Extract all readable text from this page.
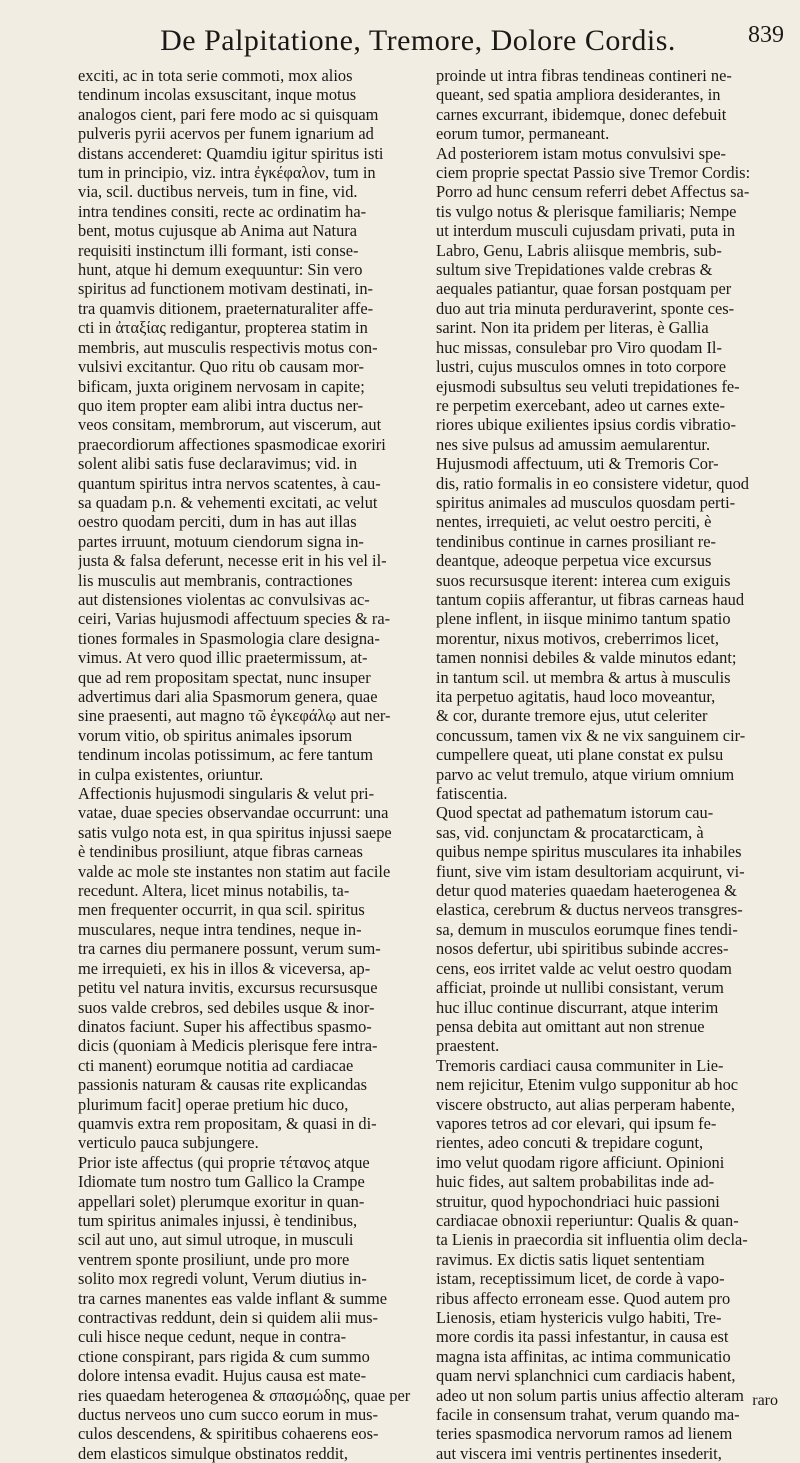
De Palpitatione, Tremore, Dolore Cordis.	839

exciti, ac in tota serie commoti, mox alios

tendinum incolas exsuscitant, inque motus

analogos cient, pari fere modo ac si quisquam

pulveris pyrii acervos per funem ignarium ad

distans accenderet: Quamdiu igitur spiritus isti

tum in principio, viz. intra ἐγκέφαλον, tum in

via, scil. ductibus nerveis, tum in fine, vid.

intra tendines consiti, recte ac ordinatim ha-

bent, motus cujusque ab Anima aut Natura

requisiti instinctum illi formant, isti conse-

hunt, atque hi demum exequuntur: Sin vero

spiritus ad functionem motivam destinati, in-

tra quamvis ditionem, praeternaturaliter affe-

cti in ἀταξίας redigantur, propterea statim in

membris, aut musculis respectivis motus con-

vulsivi excitantur. Quo ritu ob causam mor-

bificam, juxta originem nervosam in capite;

quo item propter eam alibi intra ductus ner-

veos consitam, membrorum, aut viscerum, aut

praecordiorum affectiones spasmodicae exoriri

solent alibi satis fuse declaravimus; vid. in

quantum spiritus intra nervos scatentes, à cau-

sa quadam p.n. & vehementi excitati, ac velut

oestro quodam perciti, dum in has aut illas

partes irruunt, motuum ciendorum signa in-

justa & falsa deferunt, necesse erit in his vel il-

lis musculis aut membranis, contractiones

aut distensiones violentas ac convulsivas ac-

ceiri, Varias hujusmodi affectuum species & ra-

tiones formales in Spasmologia clare designa-

vimus. At vero quod illic praetermissum, at-

que ad rem propositam spectat, nunc insuper

advertimus dari alia Spasmorum genera, quae

sine praesenti, aut magno τῶ ἐγκεφάλῳ aut ner-

vorum vitio, ob spiritus animales ipsorum

tendinum incolas potissimum, ac fere tantum

in culpa existentes, oriuntur.

Affectionis hujusmodi singularis & velut pri-

vatae, duae species observandae occurrunt: una

satis vulgo nota est, in qua spiritus injussi saepe

è tendinibus prosiliunt, atque fibras carneas

valde ac mole ste instantes non statim aut facile

recedunt. Altera, licet minus notabilis, ta-

men frequenter occurrit, in qua scil. spiritus

musculares, neque intra tendines, neque in-

tra carnes diu permanere possunt, verum sum-

me irrequieti, ex his in illos & viceversa, ap-

petitu vel natura invitis, excursus recursusque

suos valde crebros, sed debiles usque & inor-

dinatos faciunt. Super his affectibus spasmo-

dicis (quoniam à Medicis plerisque fere intra-

cti manent) eorumque notitia ad cardiacae

passionis naturam & causas rite explicandas

plurimum facit] operae pretium hic duco,

quamvis extra rem propositam, & quasi in di-

verticulo pauca subjungere.

Prior iste affectus (qui proprie τέτανος atque

Idiomate tum nostro tum Gallico la Crampe

appellari solet) plerumque exoritur in quan-

tum spiritus animales injussi, è tendinibus,

scil aut uno, aut simul utroque, in musculi

ventrem sponte prosiliunt, unde pro more

solito mox regredi volunt, Verum diutius in-

tra carnes manentes eas valde inflant & summe

contractivas reddunt, dein si quidem alii mus-

culi hisce neque cedunt, neque in contra-

ctione conspirant, pars rigida & cum summo

dolore intensa evadit. Hujus causa est mate-

ries quaedam heterogenea & σπασμώδης, quae per

ductus nerveos uno cum succo eorum in mus-

culos descendens, & spiritibus cohaerens eos-

dem elasticos simulque obstinatos reddit,

proinde ut intra fibras tendineas contineri ne-

queant, sed spatia ampliora desiderantes, in

carnes excurrant, ibidemque, donec defebuit

eorum tumor, permaneant.

Ad posteriorem istam motus convulsivi spe-

ciem proprie spectat Passio sive Tremor Cordis:

Porro ad hunc censum referri debet Affectus sa-

tis vulgo notus & plerisque familiaris; Nempe

ut interdum musculi cujusdam privati, puta in

Labro, Genu, Labris aliisque membris, sub-

sultum sive Trepidationes valde crebras &

aequales patiantur, quae forsan postquam per

duo aut tria minuta perduraverint, sponte ces-

sarint. Non ita pridem per literas, è Gallia

huc missas, consulebar pro Viro quodam Il-

lustri, cujus musculos omnes in toto corpore

ejusmodi subsultus seu veluti trepidationes fe-

re perpetim exercebant, adeo ut carnes exte-

riores ubique exilientes ipsius cordis vibratio-

nes sive pulsus ad amussim aemularentur.

Hujusmodi affectuum, uti & Tremoris Cor-

dis, ratio formalis in eo consistere videtur, quod

spiritus animales ad musculos quosdam perti-

nentes, irrequieti, ac velut oestro perciti, è

tendinibus continue in carnes prosiliant re-

deantque, adeoque perpetua vice excursus

suos recursusque iterent: interea cum exiguis

tantum copiis afferantur, ut fibras carneas haud

plene inflent, in iisque minimo tantum spatio

morentur, nixus motivos, creberrimos licet,

tamen nonnisi debiles & valde minutos edant;

in tantum scil. ut membra & artus à musculis

ita perpetuo agitatis, haud loco moveantur,

& cor, durante tremore ejus, utut celeriter

concussum, tamen vix & ne vix sanguinem cir-

cumpellere queat, uti plane constat ex pulsu

parvo ac velut tremulo, atque virium omnium

fatiscentia.

Quod spectat ad pathematum istorum cau-

sas, vid. conjunctam & procatarcticam, à

quibus nempe spiritus musculares ita inhabiles

fiunt, sive vim istam desultoriam acquirunt, vi-

detur quod materies quaedam haeterogenea &

elastica, cerebrum & ductus nerveos transgres-

sa, demum in musculos eorumque fines tendi-

nosos defertur, ubi spiritibus subinde accres-

cens, eos irritet valde ac velut oestro quodam

afficiat, proinde ut nullibi consistant, verum

huc illuc continue discurrant, atque interim

pensa debita aut omittant aut non strenue

praestent.

Tremoris cardiaci causa communiter in Lie-

nem rejicitur, Etenim vulgo supponitur ab hoc

viscere obstructo, aut alias perperam habente,

vapores tetros ad cor elevari, qui ipsum fe-

rientes, adeo concuti & trepidare cogunt,

imo velut quodam rigore afficiunt. Opinioni

huic fides, aut saltem probabilitas inde ad-

struitur, quod hypochondriaci huic passioni

cardiacae obnoxii reperiuntur: Qualis & quan-

ta Lienis in praecordia sit influentia olim decla-

ravimus. Ex dictis satis liquet sententiam

istam, receptissimum licet, de corde à vapo-

ribus affecto erroneam esse. Quod autem pro

Lienosis, etiam hystericis vulgo habiti, Tre-

more cordis ita passi infestantur, in causa est

magna ista affinitas, ac intima communicatio

quam nervi splanchnici cum cardiacis habent,

adeo ut non solum partis unius affectio alteram

facile in consensum trahat, verum quando ma-

teries spasmodica nervorum ramos ad lienem

aut viscera imi ventris pertinentes insederit,

raro
